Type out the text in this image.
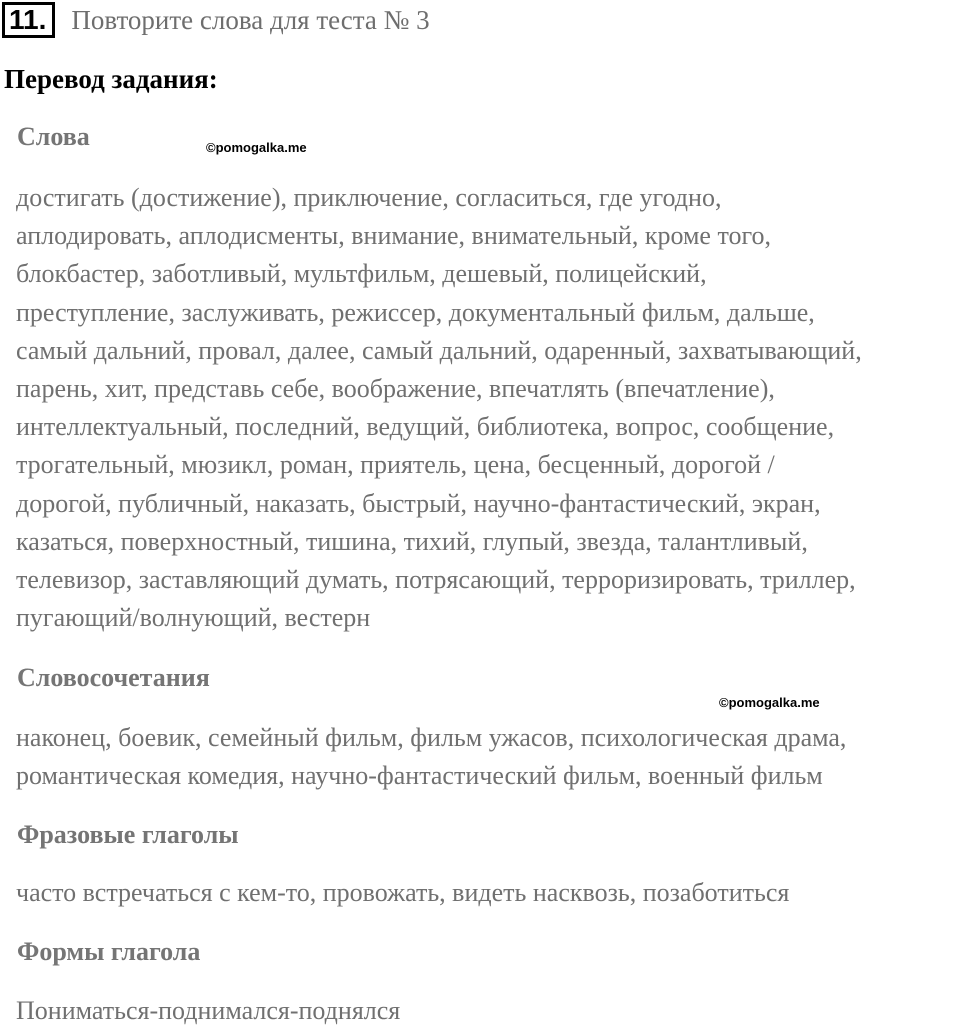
11. Повторите слова для теста № 3
Перевод задания:
Слова	©pomogalka.me

достигать (достижение), приключение, согласиться, где угодно,
аплодировать, аплодисменты, внимание, внимательный, кроме того,
блокбастер, заботливый, мультфильм, дешевый, полицейский,
преступление, заслуживать, режиссер, документальный фильм, дальше,
самый дальний, провал, далее, самый дальний, одаренный, захватывающий,
парень, хит, представь себе, воображение, впечатлять (впечатление),
интеллектуальный, последний, ведущий, библиотека, вопрос, сообщение,
трогательный, мюзикл, роман, приятель, цена, бесценный, дорогой /
дорогой, публичный, наказать, быстрый, научно-фантастический, экран,
казаться, поверхностный, тишина, тихий, глупый, звезда, талантливый,
телевизор, заставляющий думать, потрясающий, терроризировать, триллер,
пугающий/волнующий, вестерн

Словосочетания
©pomogalka.me

наконец, боевик, семейный фильм, фильм ужасов, психологическая драма,
романтическая комедия, научно-фантастический фильм, военный фильм

Фразовые глаголы

часто встречаться с кем-то, провожать, видеть насквозь, позаботиться

Формы глагола

Пониматься-поднимался-поднялся
